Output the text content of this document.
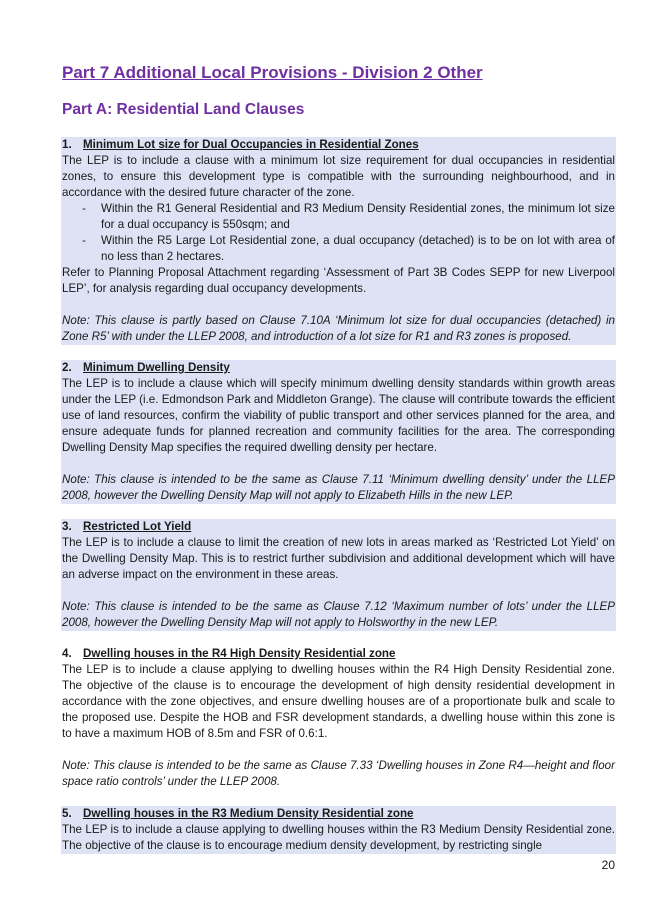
Part 7 Additional Local Provisions - Division 2 Other
Part A: Residential Land Clauses

1. Minimum Lot size for Dual Occupancies in Residential Zones

The LEP is to include a clause with a minimum lot size requirement for dual occupancies in residential zones, to ensure this development type is compatible with the surrounding neighbourhood, and in accordance with the desired future character of the zone.

- Within the R1 General Residential and R3 Medium Density Residential zones, the minimum lot size for a dual occupancy is 550sqm; and

- Within the R5 Large Lot Residential zone, a dual occupancy (detached) is to be on lot with area of no less than 2 hectares.

Refer to Planning Proposal Attachment regarding ‘Assessment of Part 3B Codes SEPP for new Liverpool LEP’, for analysis regarding dual occupancy developments.

Note: This clause is partly based on Clause 7.10A ‘Minimum lot size for dual occupancies (detached) in Zone R5’ with under the LLEP 2008, and introduction of a lot size for R1 and R3 zones is proposed.

2. Minimum Dwelling Density

The LEP is to include a clause which will specify minimum dwelling density standards within growth areas under the LEP (i.e. Edmondson Park and Middleton Grange). The clause will contribute towards the efficient use of land resources, confirm the viability of public transport and other services planned for the area, and ensure adequate funds for planned recreation and community facilities for the area. The corresponding Dwelling Density Map specifies the required dwelling density per hectare.

Note: This clause is intended to be the same as Clause 7.11 ‘Minimum dwelling density’ under the LLEP 2008, however the Dwelling Density Map will not apply to Elizabeth Hills in the new LEP.

3. Restricted Lot Yield

The LEP is to include a clause to limit the creation of new lots in areas marked as ‘Restricted Lot Yield’ on the Dwelling Density Map. This is to restrict further subdivision and additional development which will have an adverse impact on the environment in these areas.

Note: This clause is intended to be the same as Clause 7.12 ‘Maximum number of lots’ under the LLEP 2008, however the Dwelling Density Map will not apply to Holsworthy in the new LEP.

4. Dwelling houses in the R4 High Density Residential zone

The LEP is to include a clause applying to dwelling houses within the R4 High Density Residential zone. The objective of the clause is to encourage the development of high density residential development in accordance with the zone objectives, and ensure dwelling houses are of a proportionate bulk and scale to the proposed use. Despite the HOB and FSR development standards, a dwelling house within this zone is to have a maximum HOB of 8.5m and FSR of 0.6:1.

Note: This clause is intended to be the same as Clause 7.33 ‘Dwelling houses in Zone R4—height and floor space ratio controls’ under the LLEP 2008.

5. Dwelling houses in the R3 Medium Density Residential zone

The LEP is to include a clause applying to dwelling houses within the R3 Medium Density Residential zone. The objective of the clause is to encourage medium density development, by restricting single

20
